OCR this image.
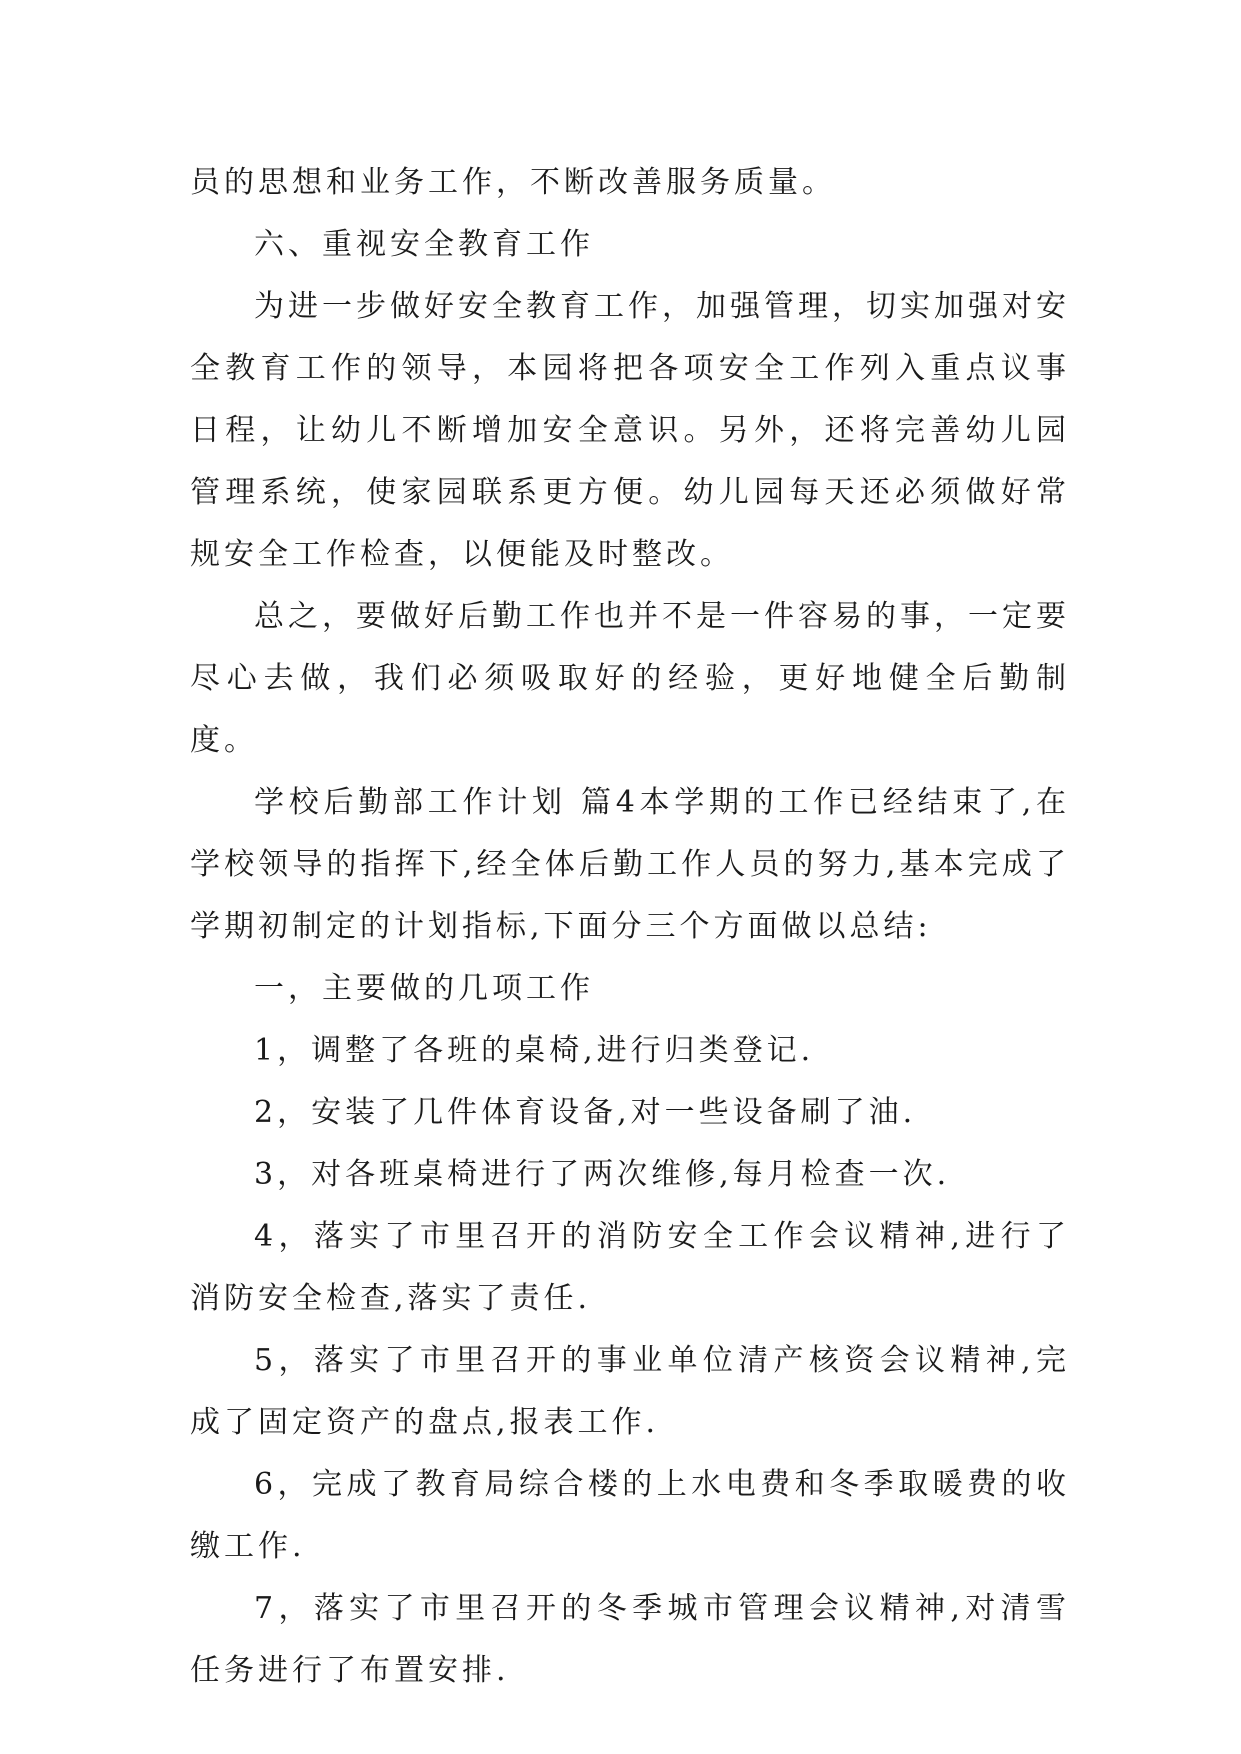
员的思想和业务工作，不断改善服务质量。

六、重视安全教育工作

为进一步做好安全教育工作，加强管理，切实加强对安全教育工作的领导，本园将把各项安全工作列入重点议事日程，让幼儿不断增加安全意识。另外，还将完善幼儿园管理系统，使家园联系更方便。幼儿园每天还必须做好常规安全工作检查，以便能及时整改。

总之，要做好后勤工作也并不是一件容易的事，一定要尽心去做，我们必须吸取好的经验，更好地健全后勤制度。

学校后勤部工作计划 篇4本学期的工作已经结束了,在学校领导的指挥下,经全体后勤工作人员的努力,基本完成了学期初制定的计划指标,下面分三个方面做以总结:

一，主要做的几项工作

1，调整了各班的桌椅,进行归类登记.

2，安装了几件体育设备,对一些设备刷了油.

3，对各班桌椅进行了两次维修,每月检查一次.

4，落实了市里召开的消防安全工作会议精神,进行了消防安全检查,落实了责任.

5，落实了市里召开的事业单位清产核资会议精神,完成了固定资产的盘点,报表工作.

6，完成了教育局综合楼的上水电费和冬季取暖费的收缴工作.

7，落实了市里召开的冬季城市管理会议精神,对清雪任务进行了布置安排.
